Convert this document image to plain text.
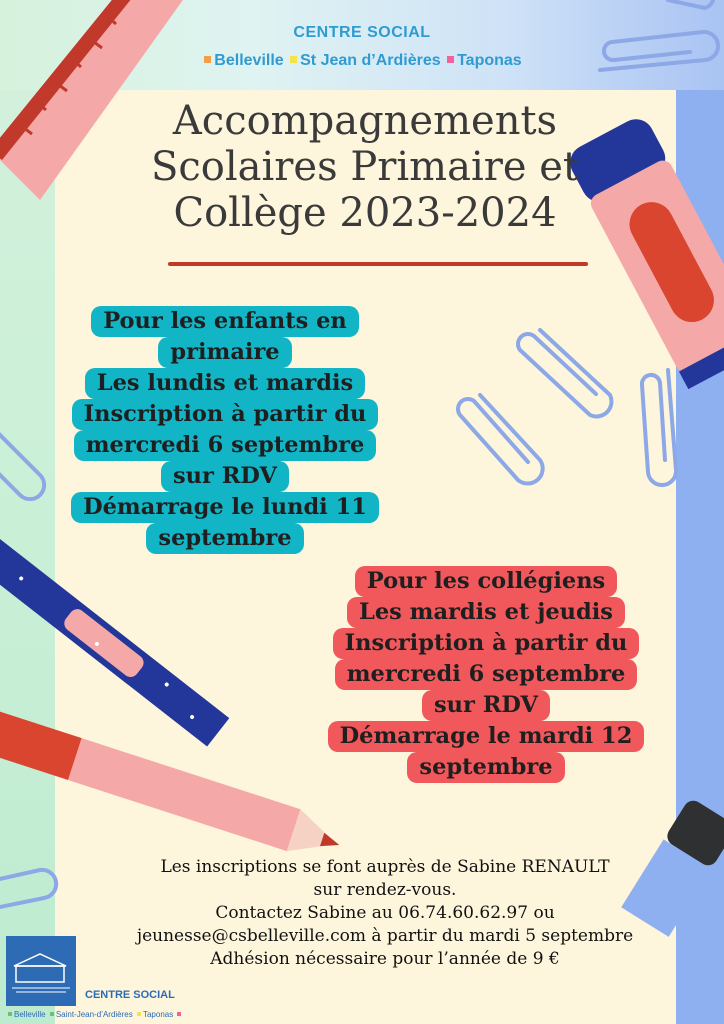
CENTRE SOCIAL
Belleville St Jean d’Ardières Taponas
Accompagnements
Scolaires Primaire et
Collège 2023-2024
Pour les enfants en
primaire
Les lundis et mardis
Inscription à partir du
mercredi 6 septembre
sur RDV
Démarrage le lundi 11
septembre
Pour les collégiens
Les mardis et jeudis
Inscription à partir du
mercredi 6 septembre
sur RDV
Démarrage le mardi 12
septembre
Les inscriptions se font auprès de Sabine RENAULT
sur rendez-vous.
Contactez Sabine au 06.74.60.62.97 ou
jeunesse@csbelleville.com à partir du mardi 5 septembre
Adhésion nécessaire pour l’année de 9 €
CENTRE SOCIAL
Belleville Saint-Jean-d’Ardières Taponas
